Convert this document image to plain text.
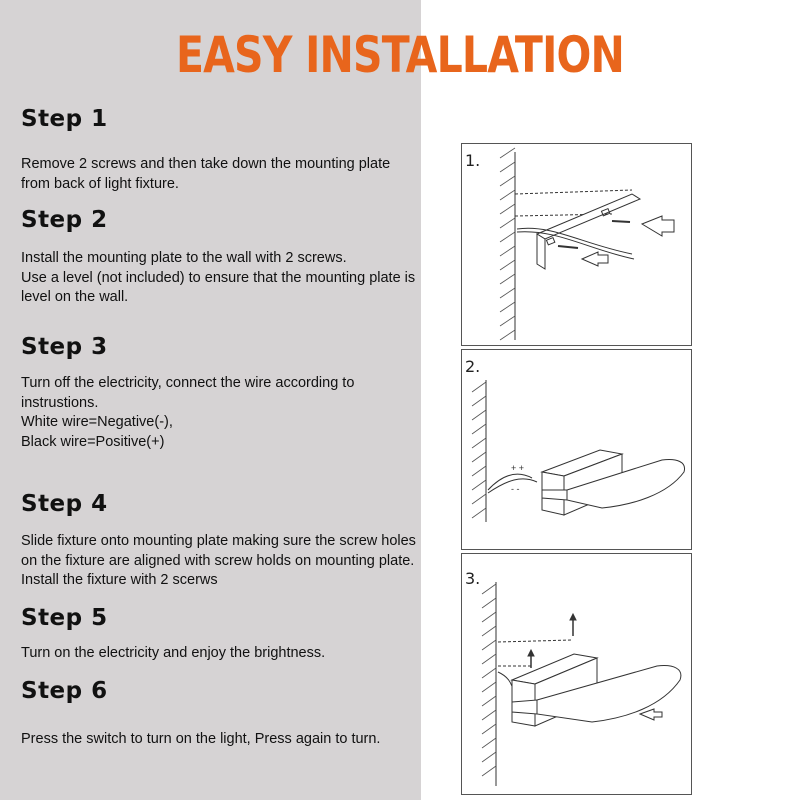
EASY INSTALLATION
Step 1

Remove 2 screws and then take down the mounting plate from back of light fixture.

Step 2

Install the mounting plate to the wall with 2 screws.
Use a level (not included) to ensure that the mounting plate is level on the wall.

Step 3

Turn off the electricity, connect the wire according to instrustions.
White wire=Negative(-),
Black wire=Positive(+)

Step 4

Slide fixture onto mounting plate making sure the screw holes on the fixture are aligned with screw holds on mounting plate. Install the fixture with 2 scerws

Step 5

Turn on the electricity and enjoy the brightness.

Step 6

Press the switch to turn on the light, Press again to turn.

1.
2.
+ +
- -
3.
